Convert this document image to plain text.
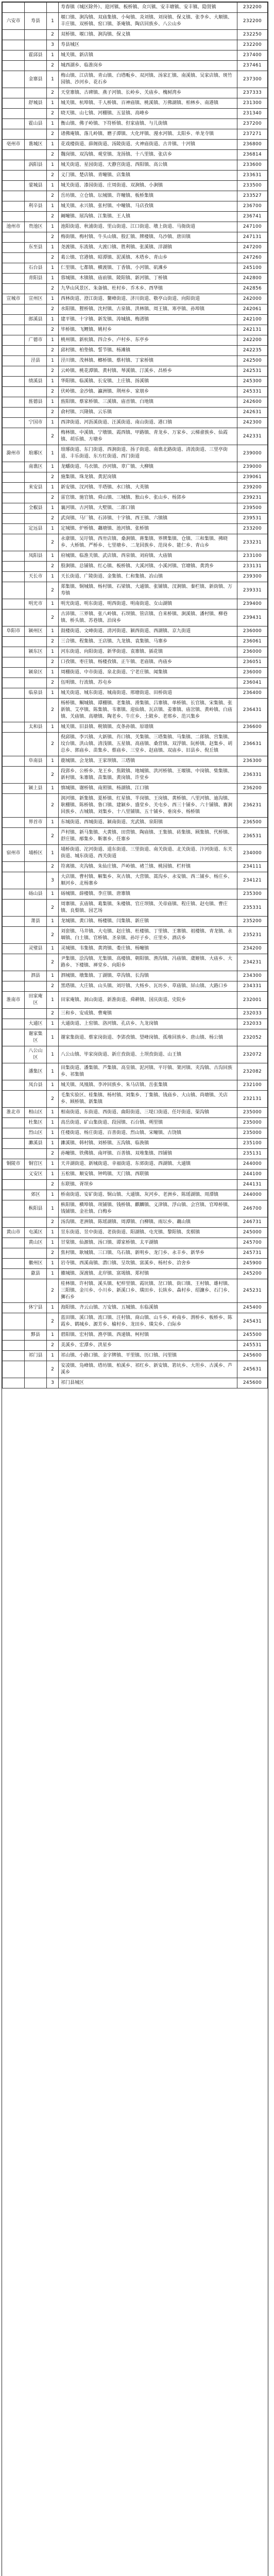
			寿春镇（城区除外）、迎河镇、板桥镇、众兴镇、安丰塘镇、安丰镇、隐贤镇	232200
六安市	寿县	1	堰口镇、涧沟镇、双庙集镇、小甸镇、炎刘镇、刘岗镇、保义镇、张李乡、大顺镇、丰庄镇、双桥镇、窑口镇、茶庵镇、陶店回族乡、八公山乡	232200
		2	双桥镇、堰口镇、涧沟镇、保义镇	232250
		3	寿县城区	232200
	霍邱县	1	城关镇、新店镇	237400
		2	城西湖乡、临淮岗乡	237461
	金寨县	1	梅山镇、江店镇、青山镇、白塔畈乡、双河镇、汤家汇镇、南溪镇、吴家店镇、斑竹园镇、沙河乡、花石乡	237300
		2	天堂寨镇、古碑镇、燕子河镇、长岭乡、关庙乡、槐树湾乡	237333
	舒城县	1	城关镇、杭埠镇、千人桥镇、百神庙镇、桃溪镇、万佛湖镇、柏林乡、南港镇	231300
		2	晓天镇、山七镇、河棚镇、五显镇、高峰乡	231340
	霍山县	1	衡山镇、佛子岭镇、下符桥镇、但家庙镇、与儿街镇	237200
		2	诸佛庵镇、落儿岭镇、磨子潭镇、大化坪镇、漫水河镇、太阳乡、单龙寺镇	237271
亳州市	谯城区	1	花戏楼街道、薛阁街道、汤陵街道、火神庙街道、古井镇、十河镇	236800
		2	魏岗镇、双沟镇、观堂镇、龙扬镇、十八里镇、张店乡	236814
	涡阳县	1	城关街道、星园街道、天静宫街道、西阳镇、高公镇	233600
		2	义门镇、楚店镇、青疃镇、店集镇	233631
	蒙城县	1	城关街道、漆园街道、庄周街道、双涧镇、小涧镇	233500
		2	岳坊镇、立仓镇、坛城镇、许疃镇、板桥集镇	233527
	利辛县	1	城关镇、永兴镇、张村镇、中疃镇、马店孜镇	236700
		2	阚疃镇、展沟镇、江集镇、王人镇	236741
池州市	贵池区	1	池阳街道、秋浦街道、里山街道、江口街道、墩上街道、马衙街道	247100
		2	梅街镇、梅村镇、牛头山镇、殷汇镇、牌楼镇、乌沙镇、唐田镇	247131
	东至县	1	尧渡镇、东流镇、大渡口镇、胜利镇、张溪镇、洋湖镇	247200
		2	葛公镇、官港镇、昭潭镇、泥溪镇、木塔乡、青山乡	247260
	石台县	1	仁里镇、七都镇、横渡镇、丁香镇、小河镇、矶滩乡	245100
	青阳县	1	蓉城镇、木镇镇、庙前镇、陵阳镇、新河镇、丁桥镇	242800
		2	九华山风景区、朱备镇、杜村乡、乔木乡、酉华镇	242856
宣城市	宣州区	1	西林街道、澄江街道、鳌峰街道、济川街道、敬亭山街道、向阳街道	242000
		2	水阳镇、狸桥镇、沈村镇、古泉镇、洪林镇、周王镇、寒亭镇、孙埠镇	242061
	郎溪县	1	建平镇、十字镇、新发镇、涛城镇、梅渚镇	242100
		2	毕桥镇、飞鲤镇、姚村乡	242131
	广德市	1	桃州镇、新杭镇、四合乡、卢村乡、东亭乡	242200
		2	邱村镇、柏垫镇、誓节镇、杨滩镇	242235
	泾县	1	泾川镇、茂林镇、榔桥镇、蔡村镇、丁家桥镇	242500
		2	云岭镇、桃花潭镇、黄村镇、琴溪镇、汀溪乡、昌桥乡	242531
	绩溪县	1	华阳镇、临溪镇、长安镇、上庄镇、扬溪镇	245300
		2	伏岭镇、金沙镇、瀛洲镇、荆州乡、家朋乡	245331
	旌德县	1	旌阳镇、蔡家桥镇、三溪镇、庙首镇、白地镇	242600
		2	俞村镇、兴隆镇、云乐镇	242631
	宁国市	1	西津街道、河沥溪街道、汪溪街道、南山街道、港口镇	242300
		2	梅林镇、中溪镇、宁墩镇、霞西镇、甲路镇、青龙乡、万家乡、云梯畲族乡、仙霞镇、胡乐镇、方塘乡	242331
滁州市	琅琊区	1	琅琊街道、东门街道、西涧街道、扬子街道、南谯北路街道、清流街道、三里亭街道、丰乐街道、东方红街道、西门街道	239000
	南谯区	1	龙蟠街道、乌衣镇、沙河镇、章广镇、大柳镇	239000
		2	施集镇、珠龙镇、黄泥岗镇	239061
	来安县	1	新安镇、汊河镇、半塔镇、水口镇、大英镇	239200
		2	雷官镇、施官镇、舜山镇、三城镇、独山乡、张山乡、杨郢乡	239231
	全椒县	1	襄河镇、古河镇、大墅镇、二郎口镇	239500
		2	武岗镇、马厂镇、石沛镇、十字镇、西王镇、六镇镇	239531
	定远县	1	定城镇、炉桥镇、藕塘镇、池河镇、张桥镇	233200
		2	永康镇、吴圩镇、西卅店镇、桑涧镇、蒋集镇、界牌集镇、仓镇、三和集镇、拂晓乡、大桥镇、严桥乡、七里塘乡、二龙回族乡、范岗乡、能仁乡、青山乡	233231
	凤阳县	1	府城镇、临淮关镇、武店镇、西泉镇、刘府镇、大庙镇	233100
		2	殷涧镇、总铺镇、红心镇、板桥镇、大溪河镇、小溪河镇、官塘镇、黄湾乡	233131
	天长市	1	天长街道、广陵街道、金集镇、仁和集镇、冶山镇	239300
		2	郑集镇、铜城镇、杨村镇、石梁镇、大通镇、张铺镇、汊涧镇、秦栏镇、新街镇、万寿镇	239331
	明光市	1	明光街道、明东街道、明西街道、明南街道、女山湖镇	239400
		2	古沛镇、三界镇、张八岭镇、石坝镇、管店镇、自来桥镇、涧溪镇、潘村镇、柳巷镇、桥头镇、苏巷镇、泊岗乡	239431
阜阳市	颍州区	1	鼓楼街道、文峰街道、清河街道、颍西街道、西湖镇、京九街道	236000
		2	三合镇、程集镇、王店镇、九龙镇、袁集镇、马寨乡	236061
	颍东区	1	河东街道、向阳街道、新华街道、袁寨镇、插花镇	236000
		2	口孜镇、枣庄镇、杨楼孜镇、正午镇、老庙镇、冉庙乡	236051
	颍泉区	1	周棚街道、中市街道、泉北街道、宁老庄镇、闻集镇	236000
		2	伍明镇、行流镇、苏屯乡	236041
	临泉县	1	城关街道、城东街道、城南街道、邢塘街道、田桥街道	236400
		2	杨桥镇、鲖城镇、谭棚镇、老集镇、滑集镇、吕寨镇、单桥镇、长官镇、宋集镇、张新镇、艾亭镇、陈集镇、韦寨镇、迎仙镇、瓦店镇、姜寨镇、庙岔镇、黄岭镇、白庙镇、关庙镇、高塘镇、陶老乡、牛庄乡、土陂乡、老邢乡、范兴集乡	236431
	太和县	1	城关镇、旧县镇、税镇镇、皮条孙镇、原墙镇	236600
		2	倪邱镇、李兴镇、大新镇、肖口镇、关集镇、三塔集镇、马集镇、二郎镇、宫集镇、坟台镇、洪山镇、清浅镇、五星镇、高庙镇、桑营镇、双浮镇、阮桥镇、赵集乡、胡总乡、郭庙乡、苗集乡、蔡庙乡、三堂乡、赵庙镇、双庙乡、旧县乡、倪丘镇	236631
	阜南县	1	鹿城镇、会龙镇、王家坝镇、三塔镇	236300
		2	段郢乡、公桥乡、龙王乡、焦陂镇、地城镇、洪河桥镇、王堰镇、中岗镇、柴集镇、新村镇、朱寨镇、苗集镇、黄岗镇、许堂乡	236331
	颍上县	1	慎城镇、谢桥镇、南照镇、杨湖镇、江口镇	236200
		2	润河镇、新集镇、夏桥镇、红星镇、半岗镇、王岗镇、黄桥镇、八里河镇、迪沟镇、耿棚镇、陈桥镇、鲁口镇、建颍乡、盛堂乡、关屯乡、西三十铺乡、六十铺镇、赛涧回族乡、古城镇、刘集乡、十八里铺镇、五十铺乡、垂岗乡、杨桥镇	236231
	界首市	1	东城街道、西城街道、颍南街道、光武镇、泉阳镇	236500
		2	芦村镇、新马集镇、大黄镇、田营镇、陶庙镇、王集镇、砖集镇、顾集镇、代桥镇、舒庄镇、邴集乡、靳寨乡、任寨乡	236531
宿州市	埇桥区	1	埇桥街道、沱河街道、道东街道、三里街道、南关街道、北关街道、汴河街道、东关街道、城东街道、西关街道	234000
		2	符离镇、夹沟镇、朱仙庄镇、芦岭镇、褚兰镇、桃园镇、栏杆镇	234111
		3	大店镇、曹村镇、解集乡、灰古镇、大营镇、蒿沟乡、永安镇、西二铺乡、杨庄乡、顺河乡、北杨寨乡	234121
	砀山县	1	砀城镇、薛楼镇、李庄镇、唐寨镇	235300
		2	周寨镇、玄庙镇、葛集镇、朱楼镇、官庄坝镇、关帝庙镇、程庄镇、赵屯镇、曹庄镇、良梨镇、园艺场	235331
	萧县	1	龙城镇、黄口镇、杨楼镇、闫集镇、新庄镇	235200
		2	刘套镇、马井镇、大屯镇、赵庄镇、杜楼镇、丁里镇、王寨镇、祖楼镇、青龙镇、永堌镇、白土镇、官桥镇、圣泉镇、孙圩子乡、庄里乡、酒店乡	235231
	灵璧县	1	灵城镇、韦集镇、黄湾镇、娄庄镇、杨疃镇	234200
		2	尹集镇、浍沟镇、尤集镇、高楼镇、朝阳镇、渔沟镇、冯庙镇、虞姬镇、大庙乡、大路乡、下楼镇、禅堂乡、向阳乡	234231
	泗县	1	泗城镇、墩集镇、丁湖镇、草沟镇、长沟镇	234300
		2	黑塔镇、大庄镇、山头镇、刘圩镇、大杨乡、瓦坊乡、草庙镇、屏山镇、大路口乡	234331
淮南市	田家庵区	1	田家庵镇、洞山街道、新淮街道、舜耕镇、国庆街道、史院乡	232001
		2	三和乡、安成镇、曹庵镇	232033
	大通区	1	大通街道、上窑镇、洛河镇、孔店乡、九龙岗镇	232033
	谢家集区	1	谢家集街道、蔡家岗街道、李郢孜镇、望峰岗镇、孤堆回族乡、唐山镇、杨公镇	232052
	八公山区	1	八公山镇、毕家岗街道、新庄孜街道、土坝孜街道、山王镇	232072
	潘集区	1	田集街道、潘集镇、芦集镇、高皇镇、泥河镇、平圩镇、架河镇、夹沟镇、古沟回族乡、祁集镇	232082
	凤台县	1	城关镇、凤凰镇、李冲回族乡、朱马店镇、岳张集镇	232100
		2	毛集实验区、桂集镇、杨村镇、刘集乡、丁集镇、钱庙乡、大山镇、尚塘镇、关店乡、顾桥镇、新集镇	232131
淮北市	相山区	1	相南街道、东街道、西街道、曲阳街道、三堤口街道、任圩街道、渠沟镇	235000
	杜集区	1	高岳街道、矿山集街道、段园镇、石台镇、朔里镇	235000
	烈山区	1	任楼街道、杨庄街道、百善街道、烈山镇、宋疃镇、古饶镇	235000
	濉溪县	1	濉溪镇、韩村镇、刘桥镇、五沟镇、临涣镇	235100
		2	孙疃镇、铁佛镇、南坪镇、百善镇、双堆集镇、四铺镇	235131
铜陵市	铜官区	1	天井湖街道、新城街道、幸福街道、东郊街道、西湖镇、大通镇	244000
	义安区	1	五松镇、顺安镇、钟鸣镇、天门镇、西联镇	244100
		2	东联镇、胥坝乡	244131
	郊区	1	桥南街道、安矿街道、铜山镇、大通镇、灰河乡、老洲乡、陈瑶湖镇、周潭镇	244000
	枞阳县	1	枞阳镇、横埠镇、项铺镇、钱桥镇、麒麟镇、义津镇、浮山镇、会宫镇、官埠桥镇、钱铺镇、金社镇、白梅乡	246700
		2	汤沟镇、老洲镇、陈瑶湖镇、周潭镇、白柳镇、雨坛乡、藕山镇	246731
黄山市	屯溪区	1	昱东街道、昱中街道、老街街道、阳湖镇、屯光镇、黎阳镇、奕棋镇	245000
	黄山区	1	甘棠镇、仙源镇、汤口镇、谭家桥镇、太平湖镇	245700
		2	焦村镇、耿城镇、三口镇、乌石镇、新明乡、龙门乡、永丰乡、新华乡	245731
	徽州区	1	岩寺镇、西溪南镇、潜口镇、呈坎镇、富溪乡、杨村乡、洽舍乡	245900
	歙县	1	徽城镇、深渡镇、北岸镇、富堨镇、郑村镇	245200
		2	桂林镇、许村镇、溪头镇、杞梓里镇、霞坑镇、岔口镇、街口镇、王村镇、雄村镇、三阳镇、金川乡、小川乡、新溪口乡、璜田乡、长陔乡、森村乡、绍濂乡、石门乡、狮石乡	245231
	休宁县	1	海阳镇、齐云山镇、万安镇、五城镇、东临溪镇	245400
		2	蓝田镇、溪口镇、流口镇、汪村镇、商山镇、山斗乡、岭南乡、渭桥乡、板桥乡、陈霞乡、鹤城乡、源芳乡、榆村乡、龙田乡、璜尖乡、白际乡	245431
	黟县	1	碧阳镇、宏村镇、渔亭镇、西递镇、柯村镇	245500
		2	美溪乡、宏潭乡、洪星乡	245531
	祁门县	1	祁山镇、小路口镇、金字牌镇、平里镇、历口镇、闪里镇	245600
		2	安凌镇、凫峰镇、塔坊镇、柏溪乡、祁红乡、新安镇、箬坑乡、大坦乡、古溪乡、芦溪乡	245631
		3	祁门县城区	245600
